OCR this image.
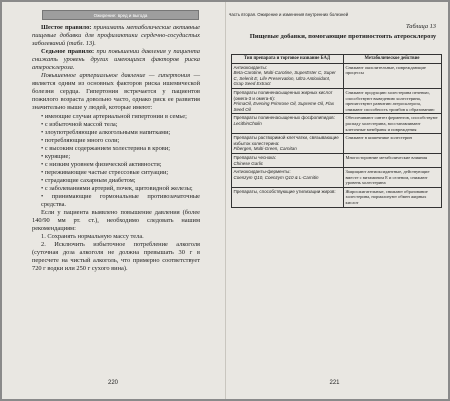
Ожирение: вред и выгода

Шестое правило: принимать метаболические активные пищевые добавки для профилактики сердечно-сосудистых заболеваний (табл. 13).

Седьмое правило: при повышении давления у пациента снижать уровень других имеющихся факторов риска атеросклероза.

Повышенное артериальное давление — гипертония — является одним из основных факторов риска ишемической болезни сердца. Гипертония встречается у пациентов пожилого возраста довольно часто, однако риск ее развития значительно выше у людей, которые имеют:

• имеющие случаи артериальной гипертонии в семье;

• с избыточной массой тела;

• злоупотребляющие алкогольными напитками;

• потребляющие много соли;

• с высоким содержанием холестерина в крови;

• курящие;

• с низким уровнем физической активности;

• переживающие частые стрессовые ситуации;

• страдающие сахарным диабетом;

• с заболеваниями артерий, почек, щитовидной железы;

• принимающие гормональные противозачаточные средства.

Если у пациента выявлено повышение давления (более 140/90 мм рт. ст.), необходимо следовать нашим рекомендациям:

1. Сохранять нормальную массу тела.

2. Исключить избыточное потребление алкоголя (суточная доза алкоголя не должна превышать 30 г в пересчете на чистый алкоголь, что примерно соответствует 720 г водки или 250 г сухого вина).

220
Часть вторая. Ожирение и изменения внутренних болезней
Таблица 13
Пищевые добавки, помогающие противостоять атеросклерозу
Тип препарата и торговое название БАД	Метаболическое действие

Антиоксиданты:
Beta-Carotine, Multi-Carotine, SuperEster C, Super C, Selenit E, Life Preservation, Ultra Antioxidant, Grap Seed Extract	Снижают окислительные, повреждающие процессы

Препараты полиненасыщенных жирных кислот (омега-3 и омега-6):
PrimaOil, Evening Primrose Oil, Supreme Oil, Flax Seed Oil	Снижают продукцию холестерина печенью, способствуют выведению холестерина, препятствуют развитию атеросклероза, снижают способность тромбов к образованию

Препараты полиненасыщенных фосфолипидов:
LecithinCholin	Обеспечивают синтез ферментов, способствуют распаду холестерина, восстанавливают клеточные мембраны и повреждения

Препараты растворимой клетчатки, связывающие избыток холестерина:
Fibergen, Multi-Green, Carnitan	Снижают в кишечнике холестерин

Препараты чеснока:
Chinese Garlic	Многосторонние метаболические влияния

Антиоксиданты-ферменты:
Coenzym Q10, Coenzym Q10 & L-Carnitin	Защищают антиоксидантные, действующие вместе с витамином Е и селеном, снижают уровень холестерина

Препараты, способствующие утилизации жиров:	Жиросжигательные, снижают образование холестерина, нормализуют обмен жирных кислот
221
